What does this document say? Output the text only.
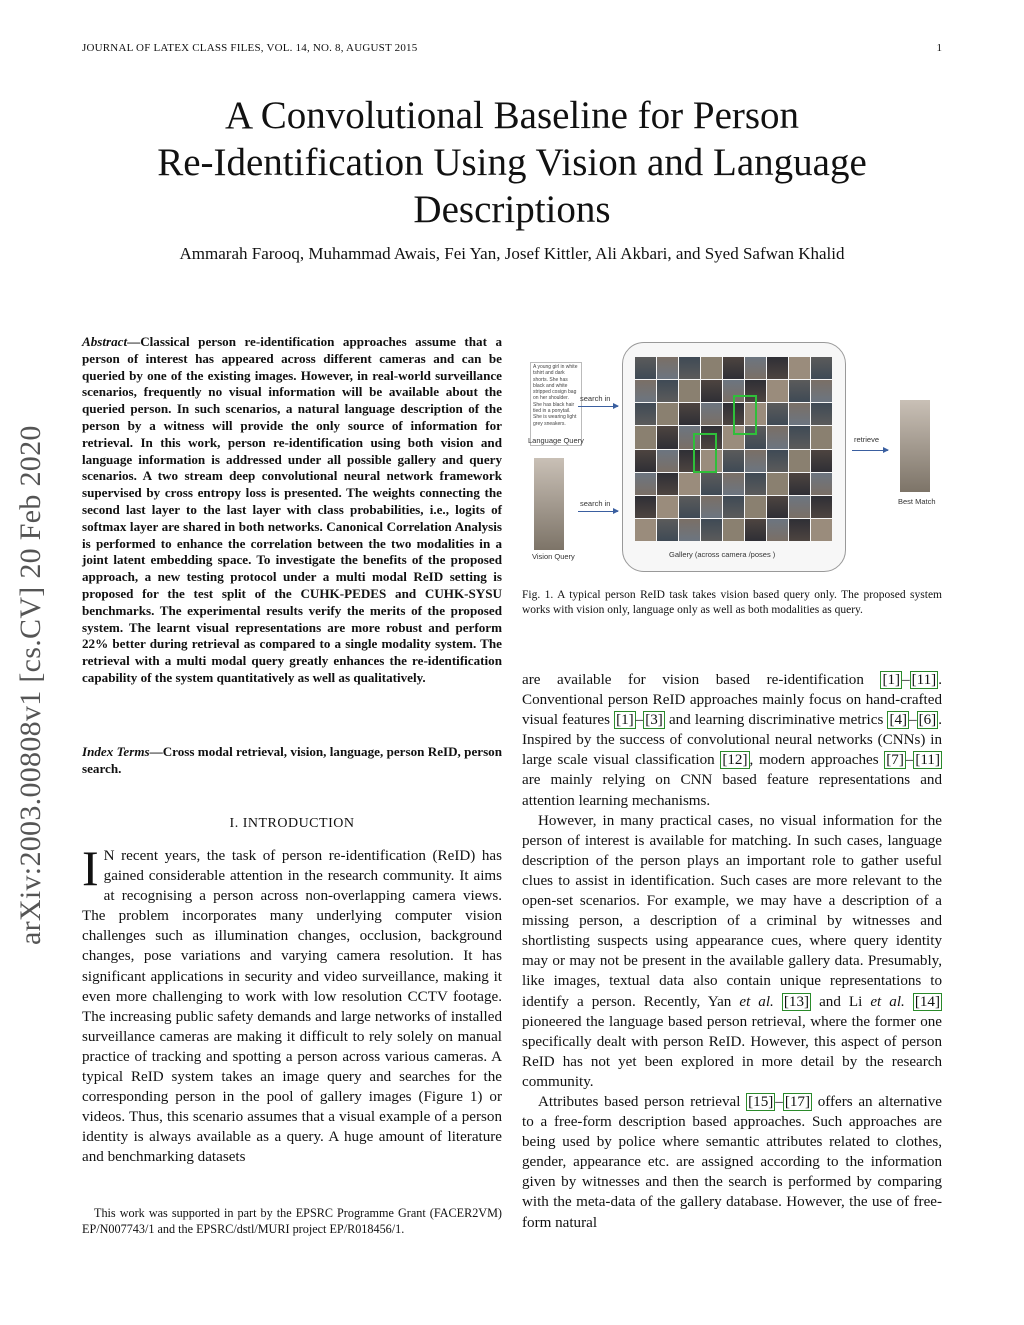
JOURNAL OF LATEX CLASS FILES, VOL. 14, NO. 8, AUGUST 2015	1
A Convolutional Baseline for Person
Re-Identification Using Vision and Language
Descriptions
Ammarah Farooq, Muhammad Awais, Fei Yan, Josef Kittler, Ali Akbari, and Syed Safwan Khalid
arXiv:2003.00808v1 [cs.CV] 20 Feb 2020
Abstract—Classical person re-identification approaches assume that a person of interest has appeared across different cameras and can be queried by one of the existing images. However, in real-world surveillance scenarios, frequently no visual information will be available about the queried person. In such scenarios, a natural language description of the person by a witness will provide the only source of information for retrieval. In this work, person re-identification using both vision and language information is addressed under all possible gallery and query scenarios. A two stream deep convolutional neural network framework supervised by cross entropy loss is presented. The weights connecting the second last layer to the last layer with class probabilities, i.e., logits of softmax layer are shared in both networks. Canonical Correlation Analysis is performed to enhance the correlation between the two modalities in a joint latent embedding space. To investigate the benefits of the proposed approach, a new testing protocol under a multi modal ReID setting is proposed for the test split of the CUHK-PEDES and CUHK-SYSU benchmarks. The experimental results verify the merits of the proposed system. The learnt visual representations are more robust and perform 22% better during retrieval as compared to a single modality system. The retrieval with a multi modal query greatly enhances the re-identification capability of the system quantitatively as well as qualitatively.
Index Terms—Cross modal retrieval, vision, language, person ReID, person search.
I. INTRODUCTION
I N recent years, the task of person re-identification (ReID) has gained considerable attention in the research community. It aims at recognising a person across non-overlapping camera views. The problem incorporates many underlying computer vision challenges such as illumination changes, occlusion, background changes, pose variations and varying camera resolution. It has significant applications in security and video surveillance, making it even more challenging to work with low resolution CCTV footage. The increasing public safety demands and large networks of installed surveillance cameras are making it difficult to rely solely on manual practice of tracking and spotting a person across various cameras. A typical ReID system takes an image query and searches for the corresponding person in the pool of gallery images (Figure 1) or videos. Thus, this scenario assumes that a visual example of a person identity is always available as a query. A huge amount of literature and benchmarking datasets

This work was supported in part by the EPSRC Programme Grant (FACER2VM) EP/N007743/1 and the EPSRC/dstl/MURI project EP/R018456/1.

A young girl in white tshirt and dark shorts. She has black and white stripped cosign bag on her shoulder. She has black hair tied in a ponytail. She is wearing light grey sneakers.
Language Query
Vision Query
search in
search in
Gallery (across camera /poses )
retrieve
Best Match
Fig. 1. A typical person ReID task takes vision based query only. The proposed system works with vision only, language only as well as both modalities as query.

are available for vision based re-identification [1] – [11] . Conventional person ReID approaches mainly focus on hand-crafted visual features [1] – [3] and learning discriminative metrics [4] – [6] . Inspired by the success of convolutional neural networks (CNNs) in large scale visual classification [12] , modern approaches [7] – [11] are mainly relying on CNN based feature representations and attention learning mechanisms.

However, in many practical cases, no visual information for the person of interest is available for matching. In such cases, language description of the person plays an important role to gather useful clues to assist in identification. Such cases are more relevant to the open-set scenarios. For example, we may have a description of a missing person, a description of a criminal by witnesses and shortlisting suspects using appearance cues, where query identity may or may not be present in the available gallery data. Presumably, like images, textual data also contain unique representations to identify a person. Recently, Yan et al. [13] and Li et al. [14] pioneered the language based person retrieval, where the former one specifically dealt with person ReID. However, this aspect of person ReID has not yet been explored in more detail by the research community.

Attributes based person retrieval [15] – [17] offers an alternative to a free-form description based approaches. Such approaches are being used by police where semantic attributes related to clothes, gender, appearance etc. are assigned according to the information given by witnesses and then the search is performed by comparing with the meta-data of the gallery database. However, the use of free-form natural
